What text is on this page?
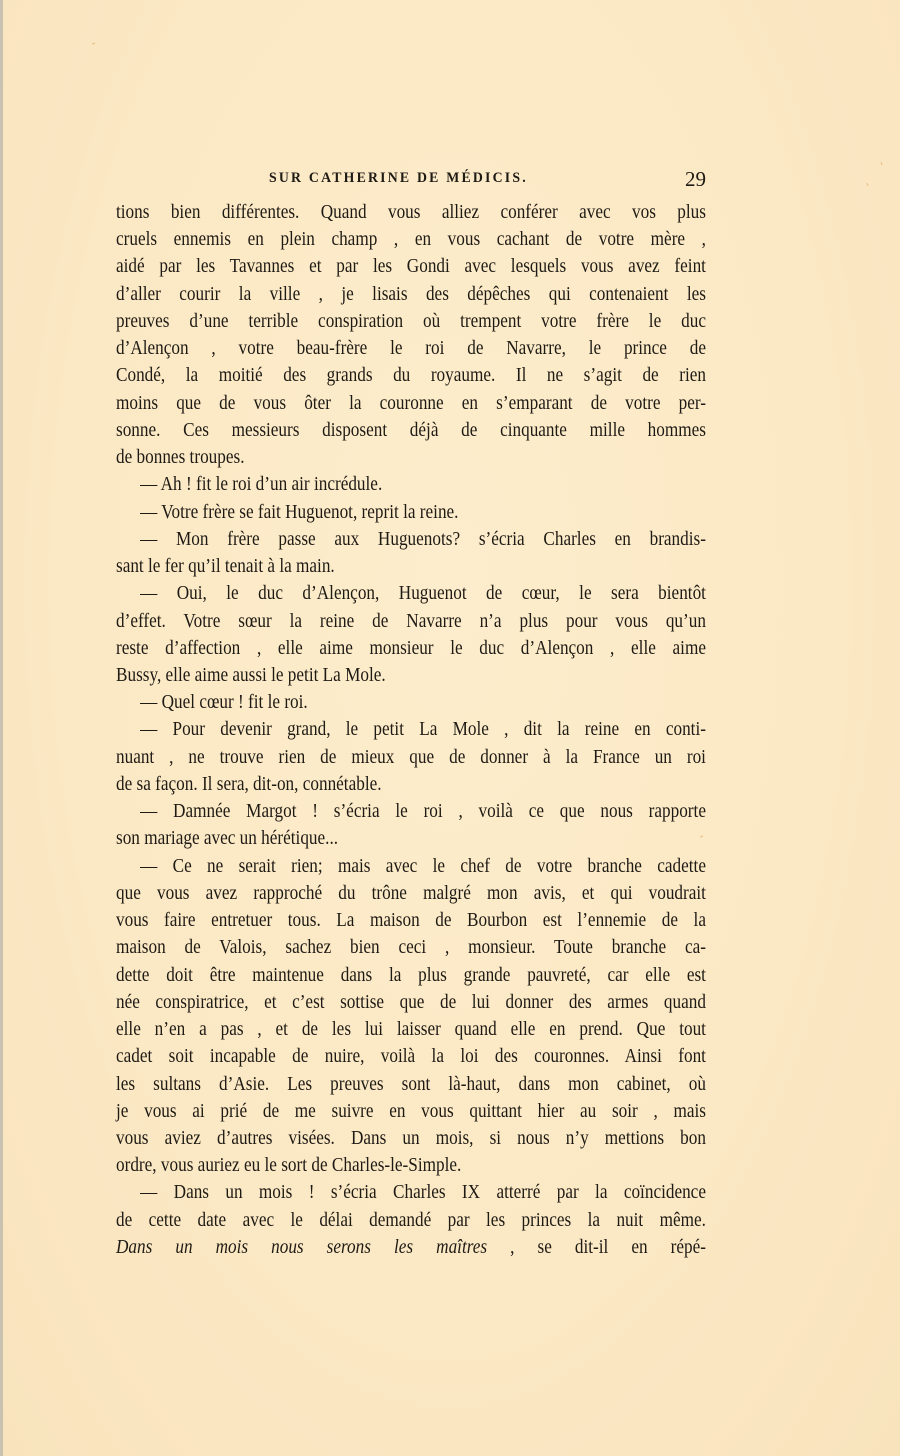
SUR CATHERINE DE MÉDICIS.	29
tions bien différentes. Quand vous alliez conférer avec vos plus
cruels ennemis en plein champ , en vous cachant de votre mère ,
aidé par les Tavannes et par les Gondi avec lesquels vous avez feint
d’aller courir la ville , je lisais des dépêches qui contenaient les
preuves d’une terrible conspiration où trempent votre frère le duc
d’Alençon , votre beau-frère le roi de Navarre, le prince de
Condé, la moitié des grands du royaume. Il ne s’agit de rien
moins que de vous ôter la couronne en s’emparant de votre per-
sonne. Ces messieurs disposent déjà de cinquante mille hommes
de bonnes troupes.
— Ah ! fit le roi d’un air incrédule.
— Votre frère se fait Huguenot, reprit la reine.
— Mon frère passe aux Huguenots? s’écria Charles en brandis-
sant le fer qu’il tenait à la main.
— Oui, le duc d’Alençon, Huguenot de cœur, le sera bientôt
d’effet. Votre sœur la reine de Navarre n’a plus pour vous qu’un
reste d’affection , elle aime monsieur le duc d’Alençon , elle aime
Bussy, elle aime aussi le petit La Mole.
— Quel cœur ! fit le roi.
— Pour devenir grand, le petit La Mole , dit la reine en conti-
nuant , ne trouve rien de mieux que de donner à la France un roi
de sa façon. Il sera, dit-on, connétable.
— Damnée Margot ! s’écria le roi , voilà ce que nous rapporte
son mariage avec un hérétique...
— Ce ne serait rien; mais avec le chef de votre branche cadette
que vous avez rapproché du trône malgré mon avis, et qui voudrait
vous faire entretuer tous. La maison de Bourbon est l’ennemie de la
maison de Valois, sachez bien ceci , monsieur. Toute branche ca-
dette doit être maintenue dans la plus grande pauvreté, car elle est
née conspiratrice, et c’est sottise que de lui donner des armes quand
elle n’en a pas , et de les lui laisser quand elle en prend. Que tout
cadet soit incapable de nuire, voilà la loi des couronnes. Ainsi font
les sultans d’Asie. Les preuves sont là-haut, dans mon cabinet, où
je vous ai prié de me suivre en vous quittant hier au soir , mais
vous aviez d’autres visées. Dans un mois, si nous n’y mettions bon
ordre, vous auriez eu le sort de Charles-le-Simple.
— Dans un mois ! s’écria Charles IX atterré par la coïncidence
de cette date avec le délai demandé par les princes la nuit même.
Dans un mois nous serons les maîtres , se dit-il en répé-
